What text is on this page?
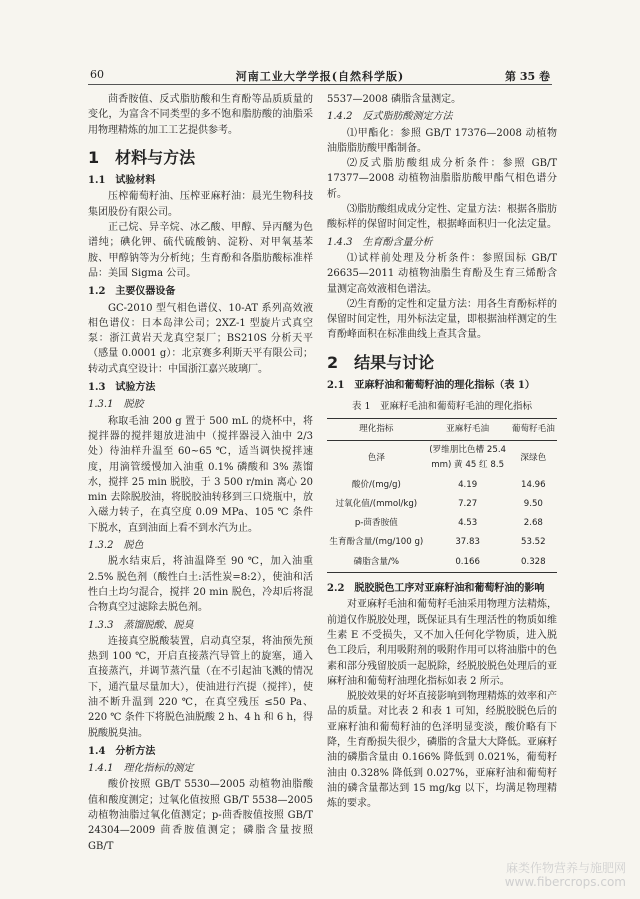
60	河南工业大学学报(自然科学版)	第 35 卷

茴香胺值、反式脂肪酸和生育酚等品质质量的变化，为富含不同类型的多不饱和脂肪酸的油脂采用物理精炼的加工工艺提供参考。

1　材料与方法
1.1　试验材料

压榨葡萄籽油、压榨亚麻籽油：晨光生物科技集团股份有限公司。

正己烷、异辛烷、冰乙酸、甲醇、异丙醚为色谱纯；碘化钾、硫代硫酸钠、淀粉、对甲氧基苯胺、甲醇钠等为分析纯；生育酚和各脂肪酸标准样品：美国 Sigma 公司。

1.2　主要仪器设备

GC-2010 型气相色谱仪、10-AT 系列高效液相色谱仪：日本岛津公司；2XZ-1 型旋片式真空泵：浙江黄岩天龙真空泵厂；BS210S 分析天平（感量 0.0001 g）：北京赛多利斯天平有限公司；转动式真空设计：中国浙江嘉兴玻璃厂。

1.3　试验方法
1.3.1　脱胶

称取毛油 200 g 置于 500 mL 的烧杯中，将搅拌器的搅拌翅放进油中（搅拌器浸入油中 2/3 处）待油样升温至 60~65 ℃，适当调快搅拌速度，用滴管缓慢加入油重 0.1% 磷酸和 3% 蒸馏水，搅拌 25 min 脱胶，于 3 500 r/min 离心 20 min 去除脱胶油，将脱胶油转移到三口烧瓶中，放入磁力转子，在真空度 0.09 MPa、105 ℃ 条件下脱水，直到油面上看不到水汽为止。

1.3.2　脱色

脱水结束后，将油温降至 90 ℃，加入油重 2.5% 脱色剂（酸性白土:活性炭=8:2），使油和活性白土均匀混合，搅拌 20 min 脱色，冷却后将混合物真空过滤除去脱色剂。

1.3.3　蒸馏脱酸、脱臭

连接真空脱酸装置，启动真空泵，将油预先预热到 100 ℃，开启直接蒸汽导管上的旋塞，通入直接蒸汽，并调节蒸汽量（在不引起油飞溅的情况下，通汽量尽量加大），使油进行汽提（搅拌），使油不断升温到 220 ℃，在真空残压 ≤50 Pa、220 ℃ 条件下将脱色油脱酸 2 h、4 h 和 6 h，得脱酸脱臭油。

1.4　分析方法
1.4.1　理化指标的测定

酸价按照 GB/T 5530—2005 动植物油脂酸值和酸度测定；过氧化值按照 GB/T 5538—2005 动植物油脂过氧化值测定；p-茴香胺值按照 GB/T 24304—2009 茴香胺值测定；磷脂含量按照 GB/T

5537—2008 磷脂含量测定。

1.4.2　反式脂肪酸测定方法

⑴甲酯化：参照 GB/T 17376—2008 动植物油脂脂肪酸甲酯制备。

⑵反式脂肪酸组成分析条件：参照 GB/T 17377—2008 动植物油脂脂肪酸甲酯气相色谱分析。

⑶脂肪酸组成成分定性、定量方法：根据各脂肪酸标样的保留时间定性，根据峰面积归一化法定量。

1.4.3　生育酚含量分析

⑴试样前处理及分析条件：参照国标 GB/T 26635—2011 动植物油脂生育酚及生育三烯酚含量测定高效液相色谱法。

⑵生育酚的定性和定量方法：用各生育酚标样的保留时间定性，用外标法定量，即根据油样测定的生育酚峰面积在标准曲线上查其含量。

2　结果与讨论
2.1　亚麻籽油和葡萄籽油的理化指标（表 1）
表 1　亚麻籽毛油和葡萄籽毛油的理化指标
理化指标	亚麻籽毛油	葡萄籽毛油
色泽	(罗维朋比色槽 25.4 mm) 黄 45 红 8.5	深绿色
酸价/(mg/g)	4.19	14.96
过氧化值/(mmol/kg)	7.27	9.50
p-茴香胺值	4.53	2.68
生育酚含量/(mg/100 g)	37.83	53.52
磷脂含量/%	0.166	0.328
2.2　脱胶脱色工序对亚麻籽油和葡萄籽油的影响

对亚麻籽毛油和葡萄籽毛油采用物理方法精炼，前道仅作脱胶处理，既保证具有生理活性的物质如维生素 E 不受损失，又不加入任何化学物质，进入脱色工段后，利用吸附剂的吸附作用可以将油脂中的色素和部分残留胶质一起脱除，经脱胶脱色处理后的亚麻籽油和葡萄籽油理化指标如表 2 所示。

脱胶效果的好坏直接影响到物理精炼的效率和产品的质量。对比表 2 和表 1 可知，经脱胶脱色后的亚麻籽油和葡萄籽油的色泽明显变淡，酸价略有下降，生育酚损失很少，磷脂的含量大大降低。亚麻籽油的磷脂含量由 0.166% 降低到 0.021%，葡萄籽油由 0.328% 降低到 0.027%，亚麻籽油和葡萄籽油的磷含量都达到 15 mg/kg 以下，均满足物理精炼的要求。

麻类作物营养与施肥网
www.fibercrops.com
